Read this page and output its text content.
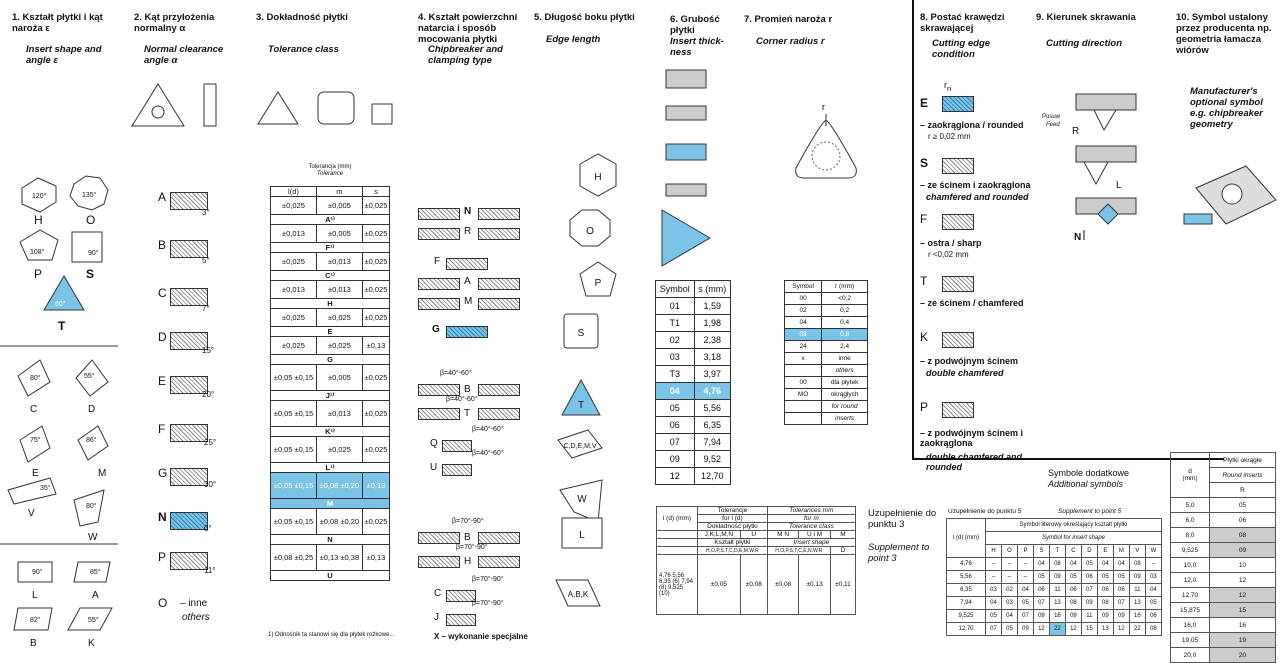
1. Kształt płytki i kąt naroża ε
Insert shape and angle ε
120°	135°
108°	90°
60°
80°	55°
75°	86°
35°
80°
90°	85°
82°	55°
H	O
P	S
T
C	D
E	M
V
W
L	A
B	K
2. Kąt przyłożenia normalny α
Normal clearance angle α
A
3°
B
5°
C
7°
D
15°
E
20°
F
25°
G
30°
N
0°
P
11°
O – inne
others
3. Dokładność płytki
Tolerance class
Tolerancja (mm)
Tolerance
l(d)	m	s
±0,025	±0,005	±0,025
A¹⁾		
±0,013	±0,005	±0,025
F¹⁾		
±0,025	±0,013	±0,025
C¹⁾		
±0,013	±0,013	±0,025
H		
±0,025	±0,025	±0,025
E		
±0,025	±0,025	±0,13
G		
±0,05 ±0,15	±0,005	±0,025
J¹⁾		
±0,05 ±0,15	±0,013	±0,025
K¹⁾		
±0,05 ±0,15	±0,025	±0,025
L¹⁾		
±0,05 ±0,15	±0,08 ±0,20	±0,13
M		
±0,05 ±0,15	±0,08 ±0,20	±0,025
N		
±0,08 ±0,25	±0,13 ±0,38	±0,13
U		
1) Odnośnik ta stanowi się dla płytek rożkowe...
4. Kształt powierzchni natarcia i sposób mocowania płytki
Chipbreaker and clamping type
N
R
F
A
M
G
β=40°-60°
B
β=40°-60°
T
β=40°-60°
Q
β=40°-60°
U
β=70°-90°
B
β=70°-90°
H
β=70°-90°
C
β=70°-90°
J
X – wykonanie specjalne
5. Długość boku płytki
Edge length
H
O
P
S
T
C,D,E,M,V
W
L
A,B,K
6. Grubość płytki
Insert thick-ness
Symbol	s (mm)
01	1,59
T1	1,98
02	2,38
03	3,18
T3	3,97
04	4,76
05	5,56
06	6,35
07	7,94
09	9,52
12	12,70
7. Promień naroża r
Corner radius r
r
Symbol	r (mm)
00	<0,2
02	0,2
04	0,4
08	0,8
24	2,4
x	inne
	others
00	dla płytek
MO	okrągłych
	for round
	inserts
8. Postać krawędzi skrawającej
Cutting edge condition
$r_n$
E
– zaokrąglona / rounded
r ≥ 0,02 mm
S
– ze ścinem i zaokrąglona
chamfered and rounded
F
– ostra / sharp
r <0,02 mm
T
– ze ścinem / chamfered
K
– z podwójnym ścinem
double chamfered
P
– z podwójnym ścinem i zaokrąglona
double chamfered and rounded
9. Kierunek skrawania
Cutting direction
Posuw
Feed
R
L
N
10. Symbol ustalony przez producenta np. geometria łamacza wiórów
Manufacturer's optional symbol e.g. chipbreaker geometry
Symbole dodatkowe
Additional symbols
l (d) (mm)	Tolerancje		Tolerances mm		
	for l (d)		for m		
	Dokładność płytki		Tolerance class		
	J,K,L,M,N	U	M N	U i M	M
	Kształt płytki		Insert shape		
	H,O,P,S,T,C,D,E,M,W,R		H,O,P,S,T,C,E,N,W,R		D
4,76 5,56 6,35 (6) 7,94 (8) 9,525 (10)	±0,05	±0,08	±0,08	±0,13	±0,11
Uzupełnienie do punktu 3
Supplement to point 3
Uzupełnienie do punktu 5	Supplement to point 5
l (d) (mm)	Symbol literowy określający kształt płytki										
	Symbol for insert shape										
	H	O	P	S	T	C	D	E	M	V	W
4,76	–	–	–	04	08	04	05	04	04	08	–
5,56	–	–	–	05	09	05	06	05	05	09	03
6,35	03	02	04	06	11	06	07	06	06	11	04
7,94	04	03	05	07	13	08	09	08	07	13	05
9,525	05	04	07	09	16	09	11	09	09	16	06
12,70	07	05	09	12	22	12	15	13	12	22	08
d
(mm)	Płytki okrągłe
	Round inserts
	R
5,0	05
6,0	06
8,0	08
9,525	09
10,0	10
12,0	12
12,70	12
15,875	15
16,0	16
19,05	19
20,0	20
